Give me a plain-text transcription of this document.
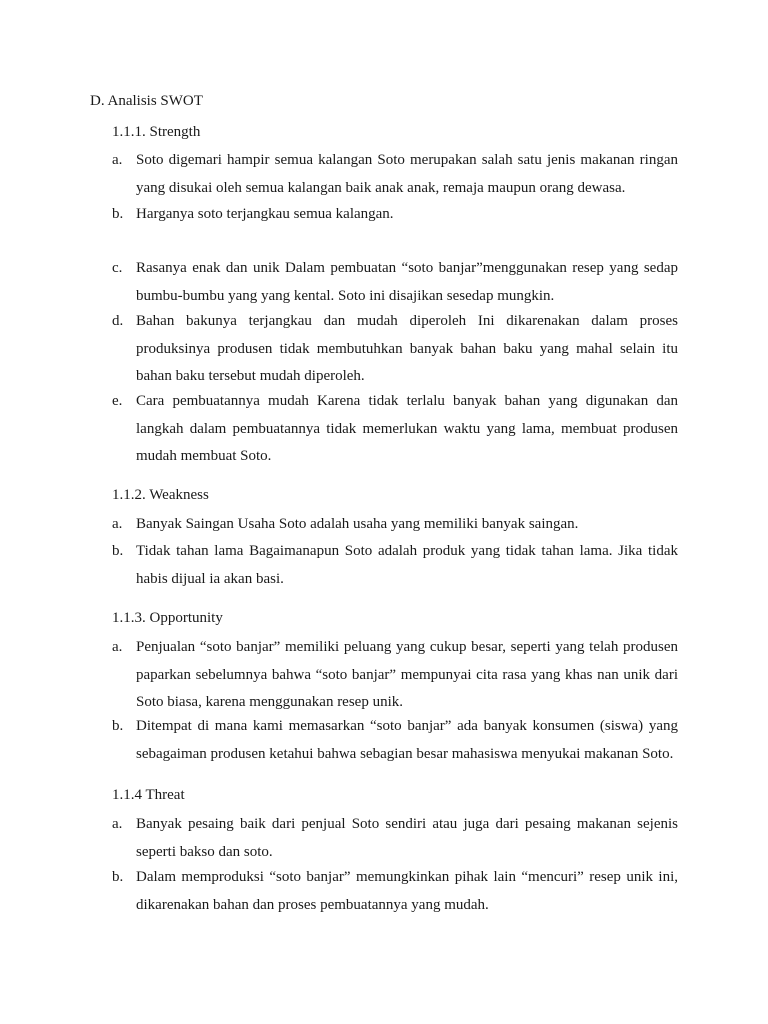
D. Analisis SWOT
1.1.1. Strength
a. Soto digemari hampir semua kalangan Soto merupakan salah satu jenis makanan ringan yang disukai oleh semua kalangan baik anak anak, remaja maupun orang dewasa.
b. Harganya soto terjangkau semua kalangan.
c. Rasanya enak dan unik Dalam pembuatan “soto banjar”menggunakan resep yang sedap bumbu-bumbu yang yang kental. Soto ini disajikan sesedap mungkin.
d. Bahan bakunya terjangkau dan mudah diperoleh Ini dikarenakan dalam proses produksinya produsen tidak membutuhkan banyak bahan baku yang mahal selain itu bahan baku tersebut mudah diperoleh.
e. Cara pembuatannya mudah Karena tidak terlalu banyak bahan yang digunakan dan langkah dalam pembuatannya tidak memerlukan waktu yang lama, membuat produsen mudah membuat Soto.
1.1.2. Weakness
a. Banyak Saingan Usaha Soto adalah usaha yang memiliki banyak saingan.
b. Tidak tahan lama Bagaimanapun Soto adalah produk yang tidak tahan lama. Jika tidak habis dijual ia akan basi.
1.1.3. Opportunity
a. Penjualan “soto banjar” memiliki peluang yang cukup besar, seperti yang telah produsen paparkan sebelumnya bahwa “soto banjar” mempunyai cita rasa yang khas nan unik dari Soto biasa, karena menggunakan resep unik.
b. Ditempat di mana kami memasarkan “soto banjar” ada banyak konsumen (siswa) yang sebagaiman produsen ketahui bahwa sebagian besar mahasiswa menyukai makanan Soto.
1.1.4 Threat
a. Banyak pesaing baik dari penjual Soto sendiri atau juga dari pesaing makanan sejenis seperti bakso dan soto.
b. Dalam memproduksi “soto banjar” memungkinkan pihak lain “mencuri” resep unik ini, dikarenakan bahan dan proses pembuatannya yang mudah.
